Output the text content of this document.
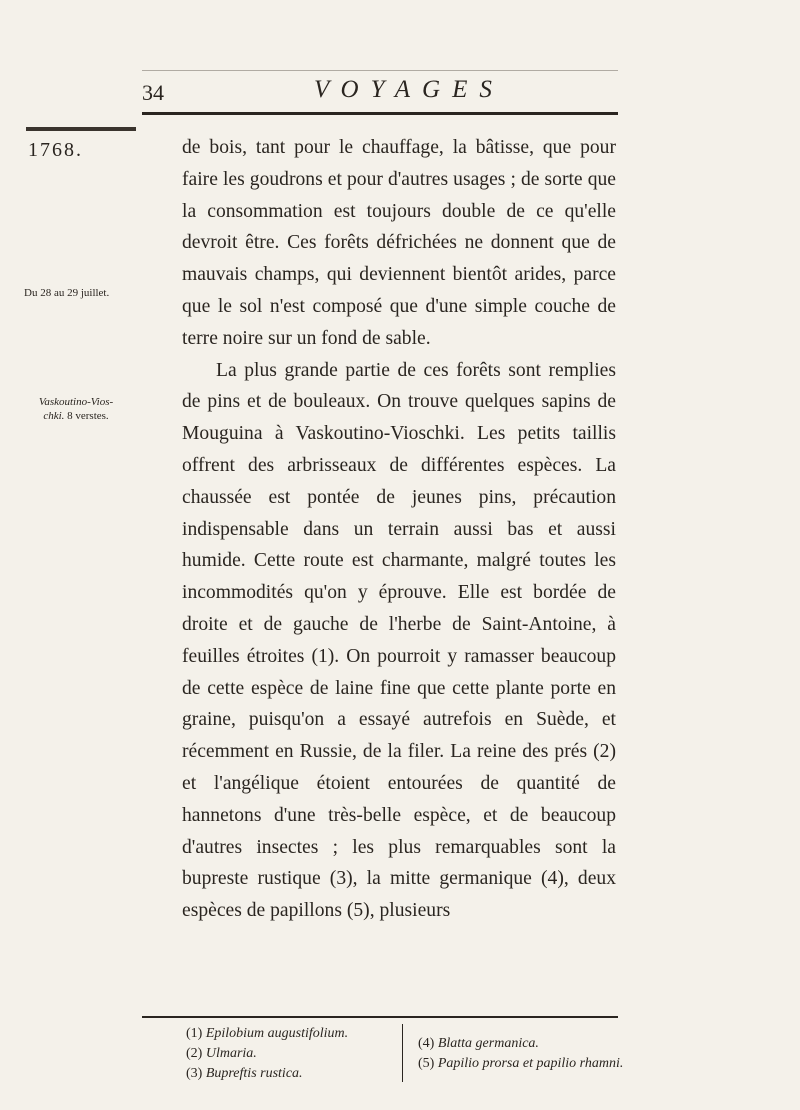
34	VOYAGES
1768.
Du 28 au 29 juillet.
Vaskoutino-Vios-
chki. 8 verstes.

de bois, tant pour le chauffage, la bâtisse, que pour faire les goudrons et pour d'autres usages ; de sorte que la consommation est toujours double de ce qu'elle devroit être. Ces forêts défrichées ne donnent que de mauvais champs, qui deviennent bientôt arides, parce que le sol n'est composé que d'une simple couche de terre noire sur un fond de sable.

La plus grande partie de ces forêts sont remplies de pins et de bouleaux. On trouve quelques sapins de Mouguina à Vaskoutino-Vioschki. Les petits taillis offrent des arbrisseaux de différentes espèces. La chaussée est pontée de jeunes pins, précaution indispensable dans un terrain aussi bas et aussi humide. Cette route est charmante, malgré toutes les incommodités qu'on y éprouve. Elle est bordée de droite et de gauche de l'herbe de Saint-Antoine, à feuilles étroites (1). On pourroit y ramasser beaucoup de cette espèce de laine fine que cette plante porte en graine, puisqu'on a essayé autrefois en Suède, et récemment en Russie, de la filer. La reine des prés (2) et l'angélique étoient entourées de quantité de hannetons d'une très-belle espèce, et de beaucoup d'autres insectes ; les plus remarquables sont la bupreste rustique (3), la mitte germanique (4), deux espèces de papillons (5), plusieurs

(1) Epilobium augustifolium.
(2) Ulmaria.
(3) Bupreftis rustica.
(4) Blatta germanica.
(5) Papilio prorsa et papilio rhamni.
